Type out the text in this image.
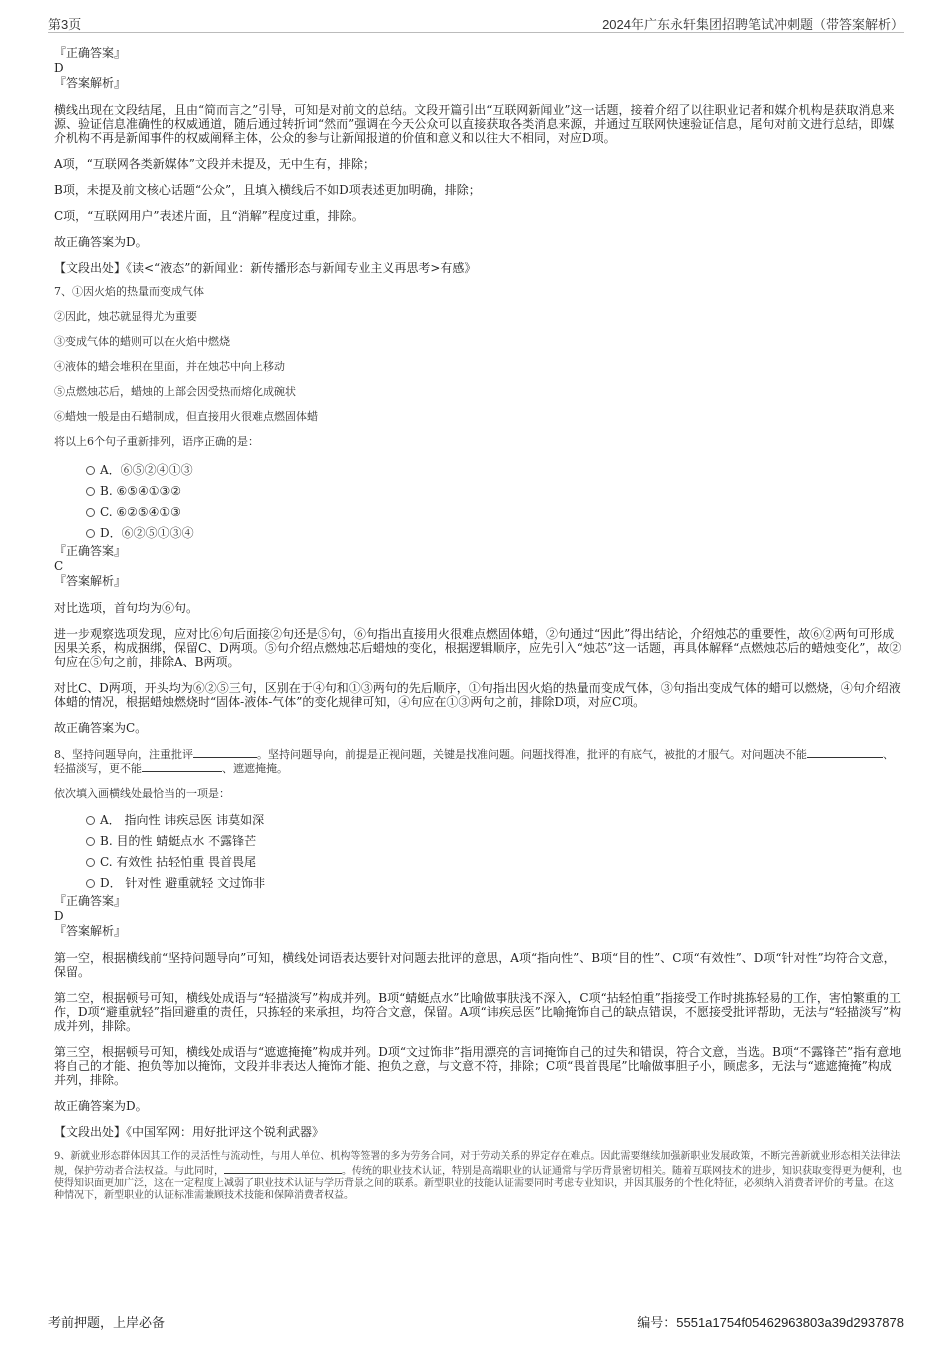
第3页	2024年广东永轩集团招聘笔试冲刺题（带答案解析）

『正确答案』

D

『答案解析』

横线出现在文段结尾，且由“简而言之”引导，可知是对前文的总结。文段开篇引出“互联网新闻业”这一话题，接着介绍了以往职业记者和媒介机构是获取消息来源、验证信息准确性的权威通道，随后通过转折词“然而”强调在今天公众可以直接获取各类消息来源，并通过互联网快速验证信息，尾句对前文进行总结，即媒介机构不再是新闻事件的权威阐释主体，公众的参与让新闻报道的价值和意义和以往大不相同，对应D项。

A项，“互联网各类新媒体”文段并未提及，无中生有，排除；

B项，未提及前文核心话题“公众”，且填入横线后不如D项表述更加明确，排除；

C项，“互联网用户”表述片面，且“消解”程度过重，排除。

故正确答案为D。

【文段出处】《读<“液态”的新闻业：新传播形态与新闻专业主义再思考>有感》

7、①因火焰的热量而变成气体

②因此，烛芯就显得尤为重要

③变成气体的蜡则可以在火焰中燃烧

④液体的蜡会堆积在里面，并在烛芯中向上移动

⑤点燃烛芯后，蜡烛的上部会因受热而熔化成碗状

⑥蜡烛一般是由石蜡制成，但直接用火很难点燃固体蜡

将以上6个句子重新排列，语序正确的是：

A．⑥⑤②④①③
B. ⑥⑤④①③②
C. ⑥②⑤④①③
D．⑥②⑤①③④

『正确答案』

C

『答案解析』

对比选项，首句均为⑥句。

进一步观察选项发现，应对比⑥句后面接②句还是⑤句，⑥句指出直接用火很难点燃固体蜡，②句通过“因此”得出结论，介绍烛芯的重要性，故⑥②两句可形成因果关系，构成捆绑，保留C、D两项。⑤句介绍点燃烛芯后蜡烛的变化，根据逻辑顺序，应先引入“烛芯”这一话题，再具体解释“点燃烛芯后的蜡烛变化”，故②句应在⑤句之前，排除A、B两项。

对比C、D两项，开头均为⑥②⑤三句，区别在于④句和①③两句的先后顺序，①句指出因火焰的热量而变成气体，③句指出变成气体的蜡可以燃烧，④句介绍液体蜡的情况，根据蜡烛燃烧时“固体-液体-气体”的变化规律可知，④句应在①③两句之前，排除D项，对应C项。

故正确答案为C。

8、坚持问题导向，注重批评	。坚持问题导向，前提是正视问题，关键是找准问题。问题找得准，批评的有底气，被批的才服气。对问题决不能	、
轻描淡写，更不能	、遮遮掩掩。

依次填入画横线处最恰当的一项是：

A． 指向性 讳疾忌医 讳莫如深
B. 目的性 蜻蜓点水 不露锋芒
C. 有效性 拈轻怕重 畏首畏尾
D． 针对性 避重就轻 文过饰非

『正确答案』

D

『答案解析』

第一空，根据横线前“坚持问题导向”可知，横线处词语表达要针对问题去批评的意思，A项“指向性”、B项“目的性”、C项“有效性”、D项“针对性”均符合文意，保留。

第二空，根据顿号可知，横线处成语与“轻描淡写”构成并列。B项“蜻蜓点水”比喻做事肤浅不深入，C项“拈轻怕重”指接受工作时挑拣轻易的工作，害怕繁重的工作，D项“避重就轻”指回避重的责任，只拣轻的来承担，均符合文意，保留。A项“讳疾忌医”比喻掩饰自己的缺点错误，不愿接受批评帮助，无法与“轻描淡写”构成并列，排除。

第三空，根据顿号可知，横线处成语与“遮遮掩掩”构成并列。D项“文过饰非”指用漂亮的言词掩饰自己的过失和错误，符合文意，当选。B项“不露锋芒”指有意地将自己的才能、抱负等加以掩饰，文段并非表达人掩饰才能、抱负之意，与文意不符，排除；C项“畏首畏尾”比喻做事胆子小，顾虑多，无法与“遮遮掩掩”构成并列，排除。

故正确答案为D。

【文段出处】《中国军网：用好批评这个锐利武器》

9、新就业形态群体因其工作的灵活性与流动性，与用人单位、机构等签署的多为劳务合同，对于劳动关系的界定存在难点。因此需要继续加强新职业发展政策，不断完善新就业形态相关法律法规，保护劳动者合法权益。与此同时，	。传统的职业技术认证，特别是高端职业的认证通常与学历背景密切相关。随着互联网技术的进步，知识获取变得更为便利，也使得知识面更加广泛，这在一定程度上减弱了职业技术认证与学历背景之间的联系。新型职业的技能认证需要同时考虑专业知识，并因其服务的个性化特征，必须纳入消费者评价的考量。在这种情况下，新型职业的认证标准需兼顾技术技能和保障消费者权益。

考前押题，上岸必备	编号：5551a1754f05462963803a39d2937878
